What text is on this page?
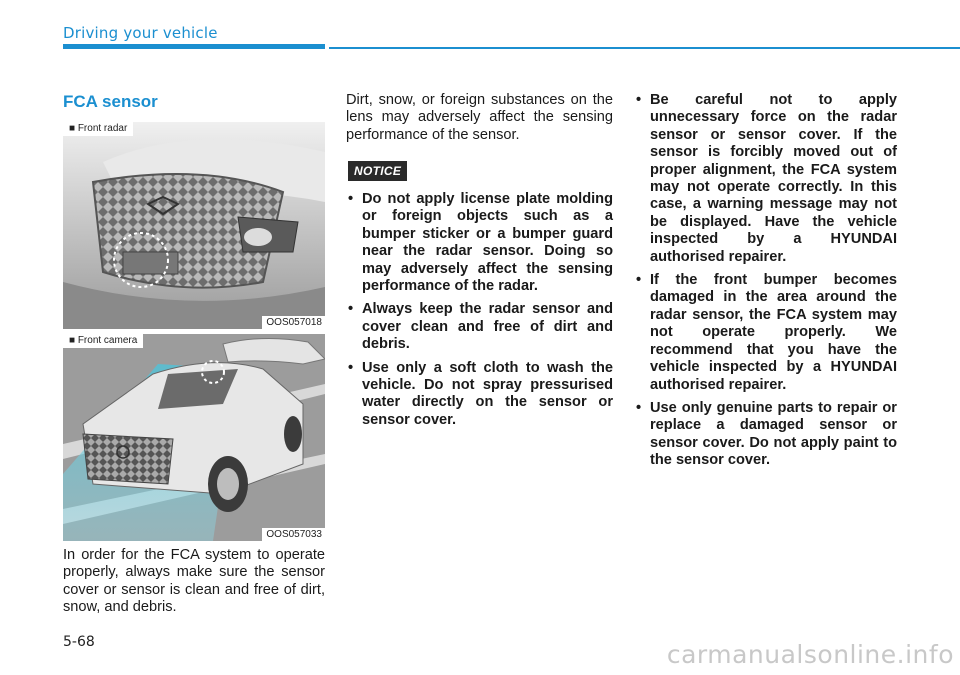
Driving your vehicle
FCA sensor
■ Front radar
OOS057018
■ Front camera
OOS057033

In order for the FCA system to operate properly, always make sure the sensor cover or sensor is clean and free of dirt, snow, and debris.

Dirt, snow, or foreign substances on the lens may adversely affect the sensing performance of the sensor.

NOTICE
• Do not apply license plate molding or foreign objects such as a bumper sticker or a bumper guard near the radar sensor. Doing so may adversely affect the sensing performance of the radar.
• Always keep the radar sensor and cover clean and free of dirt and debris.
• Use only a soft cloth to wash the vehicle. Do not spray pressurised water directly on the sensor or sensor cover.
• Be careful not to apply unnecessary force on the radar sensor or sensor cover. If the sensor is forcibly moved out of proper alignment, the FCA system may not operate correctly. In this case, a warning message may not be displayed. Have the vehicle inspected by a HYUNDAI authorised repairer.
• If the front bumper becomes damaged in the area around the radar sensor, the FCA system may not operate properly. We recommend that you have the vehicle inspected by a HYUNDAI authorised repairer.
• Use only genuine parts to repair or replace a damaged sensor or sensor cover. Do not apply paint to the sensor cover.
5-68	carmanualsonline.info
